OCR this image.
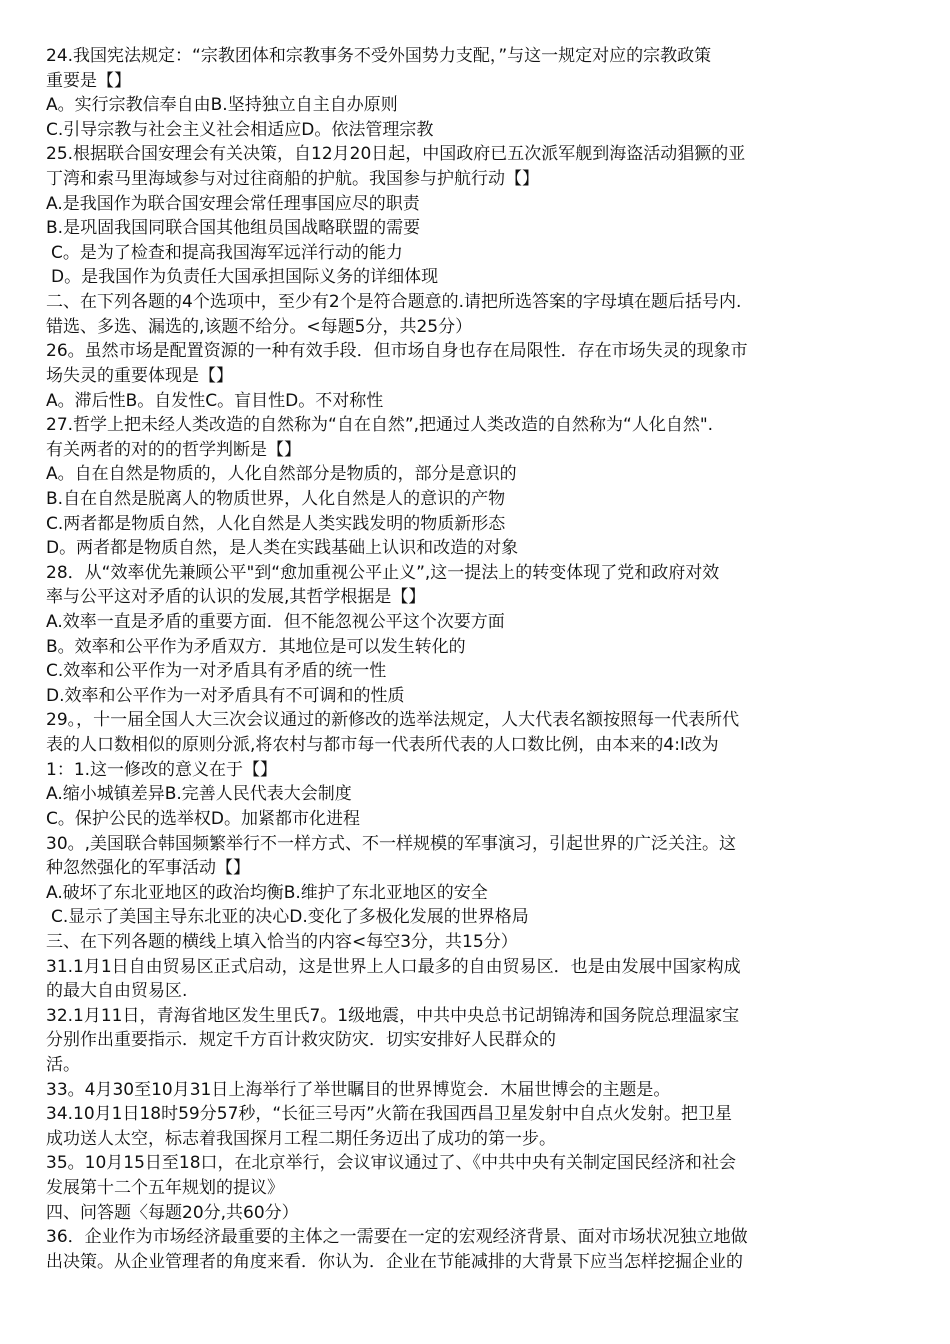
24.我国宪法规定：“宗教团体和宗教事务不受外国势力支配，”与这一规定对应的宗教政策
重要是【】
A。实行宗教信奉自由B.坚持独立自主自办原则
C.引导宗教与社会主义社会相适应D。依法管理宗教
25.根据联合国安理会有关决策，自12月20日起，中国政府已五次派军舰到海盗活动猖獗的亚
丁湾和索马里海域参与对过往商船的护航。我国参与护航行动【】
A.是我国作为联合国安理会常任理事国应尽的职责
B.是巩固我国同联合国其他组员国战略联盟的需要
C。是为了检查和提高我国海军远洋行动的能力
D。是我国作为负责任大国承担国际义务的详细体现
二、在下列各题的4个选项中，至少有2个是符合题意的.请把所选答案的字母填在题后括号内.
错选、多选、漏选的,该题不给分。<每题5分，共25分）
26。虽然市场是配置资源的一种有效手段．但市场自身也存在局限性．存在市场失灵的现象市
场失灵的重要体现是【】
A。滞后性B。自发性C。盲目性D。不对称性
27.哲学上把未经人类改造的自然称为“自在自然”,把通过人类改造的自然称为“人化自然".
有关两者的对的的哲学判断是【】
A。自在自然是物质的，人化自然部分是物质的，部分是意识的
B.自在自然是脱离人的物质世界，人化自然是人的意识的产物
C.两者都是物质自然，人化自然是人类实践发明的物质新形态
D。两者都是物质自然，是人类在实践基础上认识和改造的对象
28．从“效率优先兼顾公平"到“愈加重视公平止义”,这一提法上的转变体现了党和政府对效
率与公平这对矛盾的认识的发展,其哲学根据是【】
A.效率一直是矛盾的重要方面．但不能忽视公平这个次要方面
B。效率和公平作为矛盾双方．其地位是可以发生转化的
C.效率和公平作为一对矛盾具有矛盾的统一性
D.效率和公平作为一对矛盾具有不可调和的性质
29。，十一届全国人大三次会议通过的新修改的选举法规定，人大代表名额按照每一代表所代
表的人口数相似的原则分派,将农村与都市每一代表所代表的人口数比例，由本来的4:l改为
1：1.这一修改的意义在于【】
A.缩小城镇差异B.完善人民代表大会制度
C。保护公民的选举权D。加紧都市化进程
30。,美国联合韩国频繁举行不一样方式、不一样规模的军事演习，引起世界的广泛关注。这
种忽然强化的军事活动【】
A.破坏了东北亚地区的政治均衡B.维护了东北亚地区的安全
C.显示了美国主导东北亚的决心D.变化了多极化发展的世界格局
三、在下列各题的横线上填入恰当的内容<每空3分，共15分）
31.1月1日自由贸易区正式启动，这是世界上人口最多的自由贸易区．也是由发展中国家构成
的最大自由贸易区.
32.1月11日，青海省地区发生里氏7。1级地震，中共中央总书记胡锦涛和国务院总理温家宝
分别作出重要指示．规定千方百计救灾防灾．切实安排好人民群众的
活。
33。4月30至10月31日上海举行了举世瞩目的世界博览会．木届世博会的主题是。
34.10月1日18时59分57秒，“长征三号丙”火箭在我国西昌卫星发射中自点火发射。把卫星
成功送人太空，标志着我国探月工程二期任务迈出了成功的第一步。
35。10月15日至18口，在北京举行，会议审议通过了、《中共中央有关制定国民经济和社会
发展第十二个五年规划的提议》
四、问答题〈每题20分,共60分）
36．企业作为市场经济最重要的主体之一需要在一定的宏观经济背景、面对市场状况独立地做
出决策。从企业管理者的角度来看．你认为．企业在节能减排的大背景下应当怎样挖掘企业的
